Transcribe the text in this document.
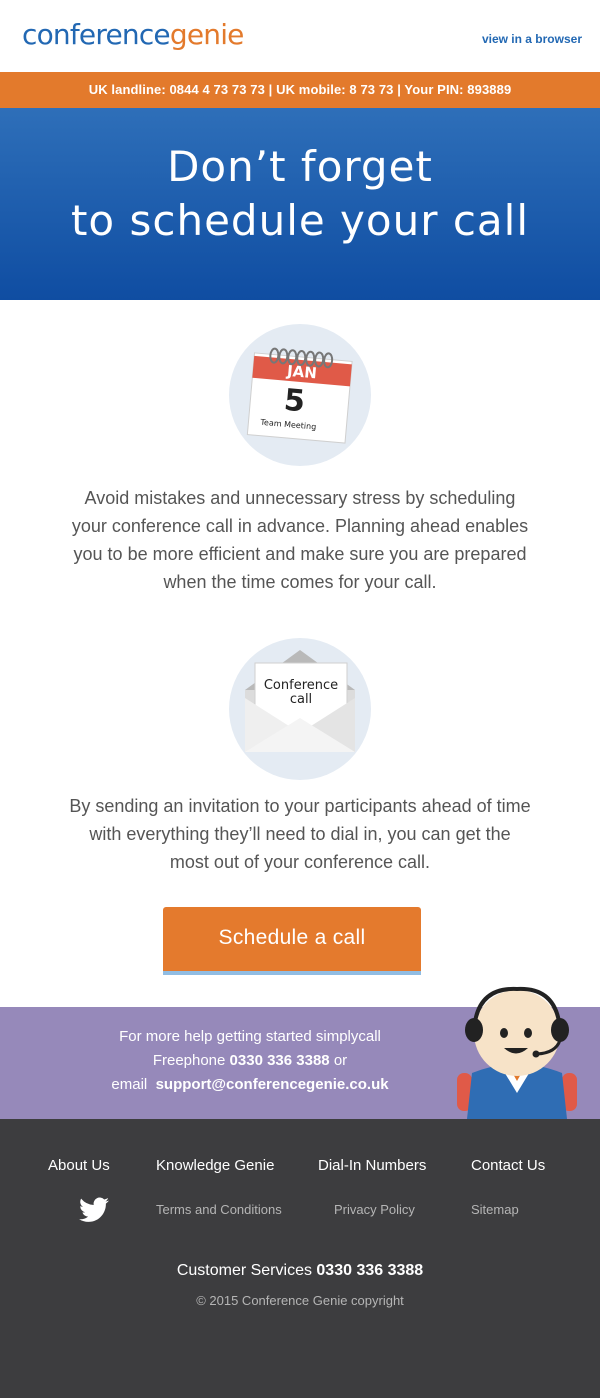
conferencegenie	view in a browser
UK landline: 0844 4 73 73 73 | UK mobile: 8 73 73 | Your PIN: 893889
Don’t forget
to schedule your call
JAN
5
Team Meeting
Avoid mistakes and unnecessary stress by scheduling
your conference call in advance. Planning ahead enables
you to be more efficient and make sure you are prepared
when the time comes for your call.
Conference
call
By sending an invitation to your participants ahead of time
with everything they’ll need to dial in, you can get the
most out of your conference call.
Schedule a call
For more help getting started simplycall
Freephone 0330 336 3388 or
email  support@conferencegenie.co.uk
About Us	Knowledge Genie	Dial-In Numbers	Contact Us
Terms and Conditions	Privacy Policy	Sitemap
Customer Services 0330 336 3388
© 2015 Conference Genie copyright
